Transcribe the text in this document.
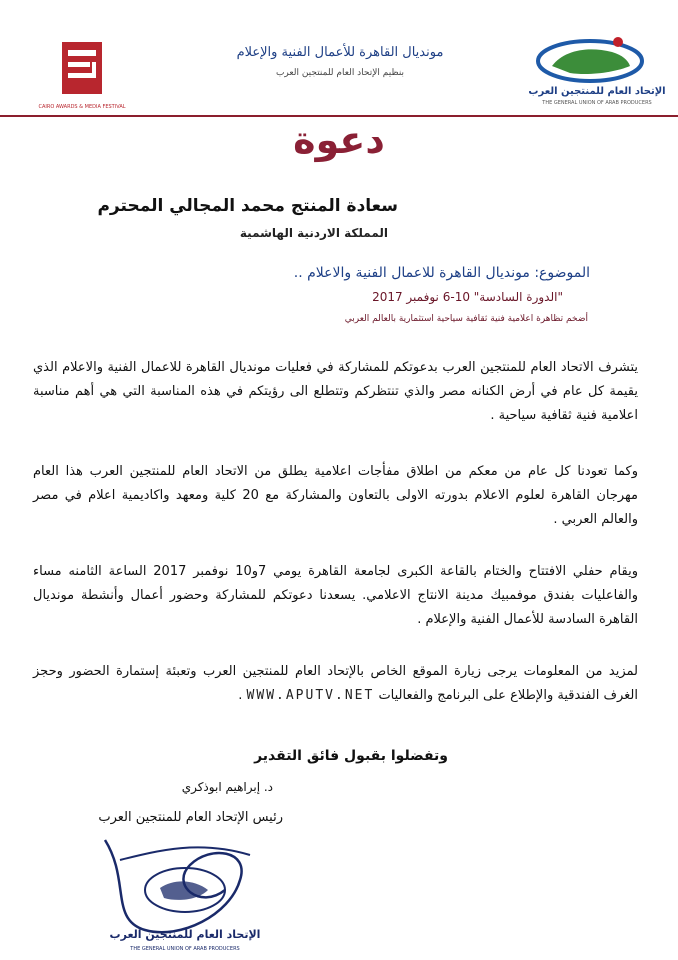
الإتحاد العام للمنتجين العرب
THE GENERAL UNION OF ARAB PRODUCERS
مونديال القاهرة للأعمال الفنية والإعلام
بنظيم الإتحاد العام للمنتجين العرب
CAIRO AWARDS & MEDIA FESTIVAL
دعوة
سعادة المنتج محمد المجالي المحترم
المملكة الاردنية الهاشمية
الموضوع: مونديال القاهرة للاعمال الفنية والاعلام ..
"الدورة السادسة" 10-6 نوفمبر 2017
أضخم تظاهرة اعلامية فنية ثقافية سياحية استثمارية بالعالم العربي
يتشرف الاتحاد العام للمنتجين العرب بدعوتكم للمشاركة في فعليات مونديال القاهرة للاعمال الفنية والاعلام الذي يقيمة كل عام في أرض الكنانه مصر والذي تنتظركم وتتطلع الى رؤيتكم في هذه المناسبة التي هي أهم مناسبة اعلامية فنية ثقافية سياحية .
وكما تعودنا كل عام من معكم من اطلاق مفأجات اعلامية يطلق من الاتحاد العام للمنتجين العرب هذا العام مهرجان القاهرة لعلوم الاعلام بدورته الاولى بالتعاون والمشاركة مع 20 كلية ومعهد واكاديمية اعلام في مصر والعالم العربي .
ويقام حفلي الافتتاح والختام بالقاعة الكبرى لجامعة القاهرة يومي 7و10 نوفمبر 2017 الساعة الثامنه مساء والفاعليات بفندق موفمبيك مدينة الانتاج الاعلامي. يسعدنا دعوتكم للمشاركة وحضور أعمال وأنشطة مونديال القاهرة السادسة للأعمال الفنية والإعلام .
لمزيد من المعلومات يرجى زيارة الموقع الخاص بالإتحاد العام للمنتجين العرب وتعبئة إستمارة الحضور وحجز الغرف الفندقية والإطلاع على البرنامج والفعاليات WWW.APUTV.NET .
وتفضلوا بقبول فائق التقدير
د. إبراهيم ابوذكري
رئيس الإتحاد العام للمنتجين العرب
الإتحاد العام للمنتجين العرب
THE GENERAL UNION OF ARAB PRODUCERS
